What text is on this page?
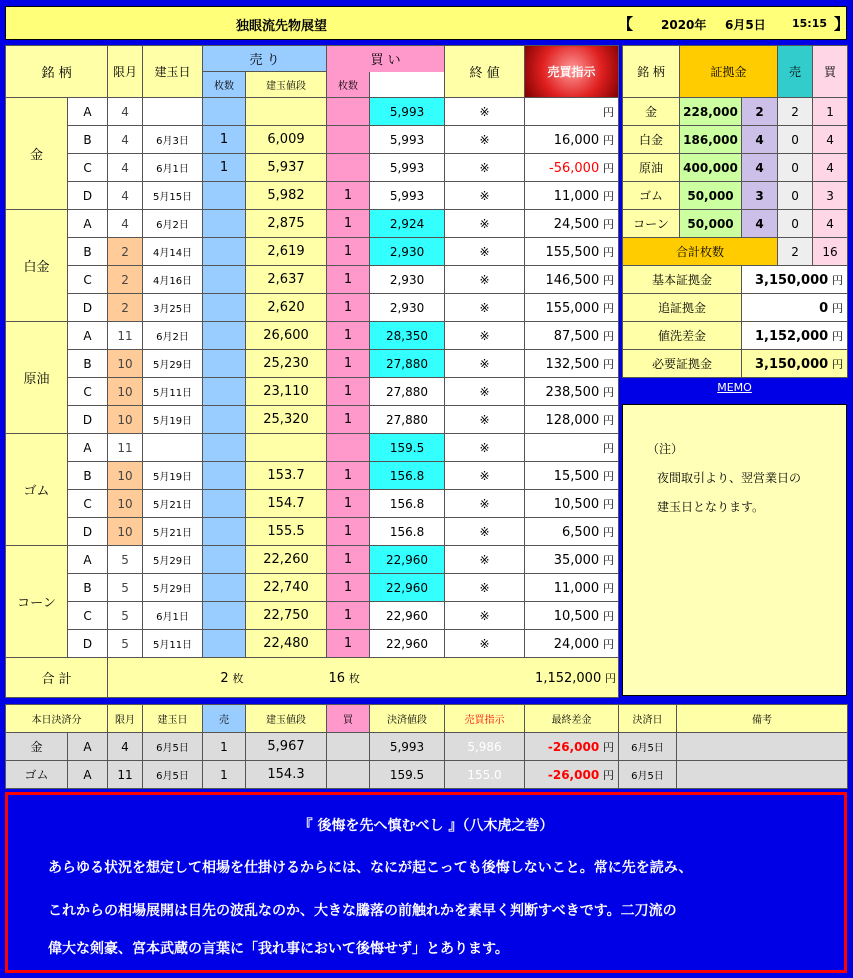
独眼流先物展望	【 2020年 6月5日 15:15 】
銘 柄		限月	建玉日	売 り		買 い		終 値	売買指示	
				枚数	建玉値段	枚数				
金	A	4					5,993	※	円	
	B	4	6月3日	1	6,009		5,993	※	16,000 円	
	C	4	6月1日	1	5,937		5,993	※	-56,000 円	
	D	4	5月15日		5,982	1	5,993	※	11,000 円	
白金	A	4	6月2日		2,875	1	2,924	※	24,500 円	
	B	2	4月14日		2,619	1	2,930	※	155,500 円	
	C	2	4月16日		2,637	1	2,930	※	146,500 円	
	D	2	3月25日		2,620	1	2,930	※	155,000 円	
原油	A	11	6月2日		26,600	1	28,350	※	87,500 円	
	B	10	5月29日		25,230	1	27,880	※	132,500 円	
	C	10	5月11日		23,110	1	27,880	※	238,500 円	
	D	10	5月19日		25,320	1	27,880	※	128,000 円	
ゴム	A	11					159.5	※	円	
	B	10	5月19日		153.7	1	156.8	※	15,500 円	
	C	10	5月21日		154.7	1	156.8	※	10,500 円	
	D	10	5月21日		155.5	1	156.8	※	6,500 円	
コーン	A	5	5月29日		22,260	1	22,960	※	35,000 円	
	B	5	5月29日		22,740	1	22,960	※	11,000 円	
	C	5	6月1日		22,750	1	22,960	※	10,500 円	
	D	5	5月11日		22,480	1	22,960	※	24,000 円	
合 計		2 枚				16 枚		1,152,000 円		
銘 柄	証拠金		売	買
金	228,000	2	2	1
白金	186,000	4	0	4
原油	400,000	4	0	4
ゴム	50,000	3	0	3
コーン	50,000	4	0	4
合計枚数			2	16
基本証拠金		3,150,000 円		
追証拠金		0 円		
値洗差金		1,152,000 円		
必要証拠金		3,150,000 円		
MEMO
（注）
夜間取引より、翌営業日の
建玉日となります。
本日決済分		限月	建玉日	売	建玉値段	買	決済値段	売買指示	最終差金	決済日	備考
金	A	4	6月5日	1	5,967		5,993	5,986	-26,000 円	6月5日	
ゴム	A	11	6月5日	1	154.3		159.5	155.0	-26,000 円	6月5日	
『 後悔を先へ慎むべし 』（八木虎之巻）
あらゆる状況を想定して相場を仕掛けるからには、なにが起こっても後悔しないこと。常に先を読み、
これからの相場展開は目先の波乱なのか、大きな騰落の前触れかを素早く判断すべきです。二刀流の
偉大な剣豪、宮本武蔵の言葉に「我れ事において後悔せず」とあります。
